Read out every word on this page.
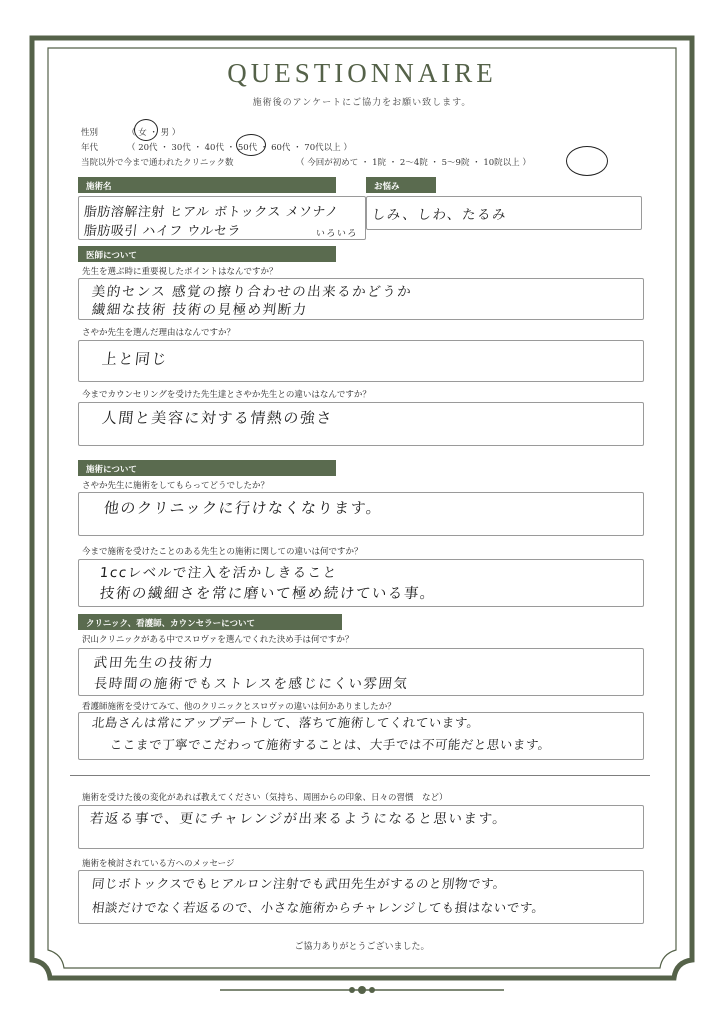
QUESTIONNAIRE
施術後のアンケートにご協力をお願い致します。
性別	（ 女 ・ 男 ）
年代	（ 20代 ・ 30代 ・ 40代 ・ 50代 ・ 60代 ・ 70代以上 ）
当院以外で今まで通われたクリニック数	（ 今回が初めて ・ 1院 ・ 2〜4院 ・ 5〜9院 ・ 10院以上 ）
施術名
脂肪溶解注射 ヒアル ボトックス メソナノ
脂肪吸引 ハイフ ウルセラ	いろいろ
お悩み
しみ、しわ、たるみ
医師について
先生を選ぶ時に重要視したポイントはなんですか？
美的センス 感覚の擦り合わせの出来るかどうか
繊細な技術 技術の見極め判断力
さやか先生を選んだ理由はなんですか？
上と同じ
今までカウンセリングを受けた先生達とさやか先生との違いはなんですか？
人間と美容に対する情熱の強さ
施術について
さやか先生に施術をしてもらってどうでしたか？
他のクリニックに行けなくなります。
今まで施術を受けたことのある先生との施術に関しての違いは何ですか？
1ccレベルで注入を活かしきること
技術の繊細さを常に磨いて極め続けている事。
クリニック、看護師、カウンセラーについて
沢山クリニックがある中でスロヴァを選んでくれた決め手は何ですか？
武田先生の技術力
長時間の施術でもストレスを感じにくい雰囲気
看護師施術を受けてみて、他のクリニックとスロヴァの違いは何かありましたか？
北島さんは常にアップデートして、落ちて施術してくれています。
ここまで丁寧でこだわって施術することは、大手では不可能だと思います。
施術を受けた後の変化があれば教えてください（気持ち、周囲からの印象、日々の習慣　など）
若返る事で、更にチャレンジが出来るようになると思います。
施術を検討されている方へのメッセージ
同じボトックスでもヒアルロン注射でも武田先生がするのと別物です。
相談だけでなく若返るので、小さな施術からチャレンジしても損はないです。
ご協力ありがとうございました。
